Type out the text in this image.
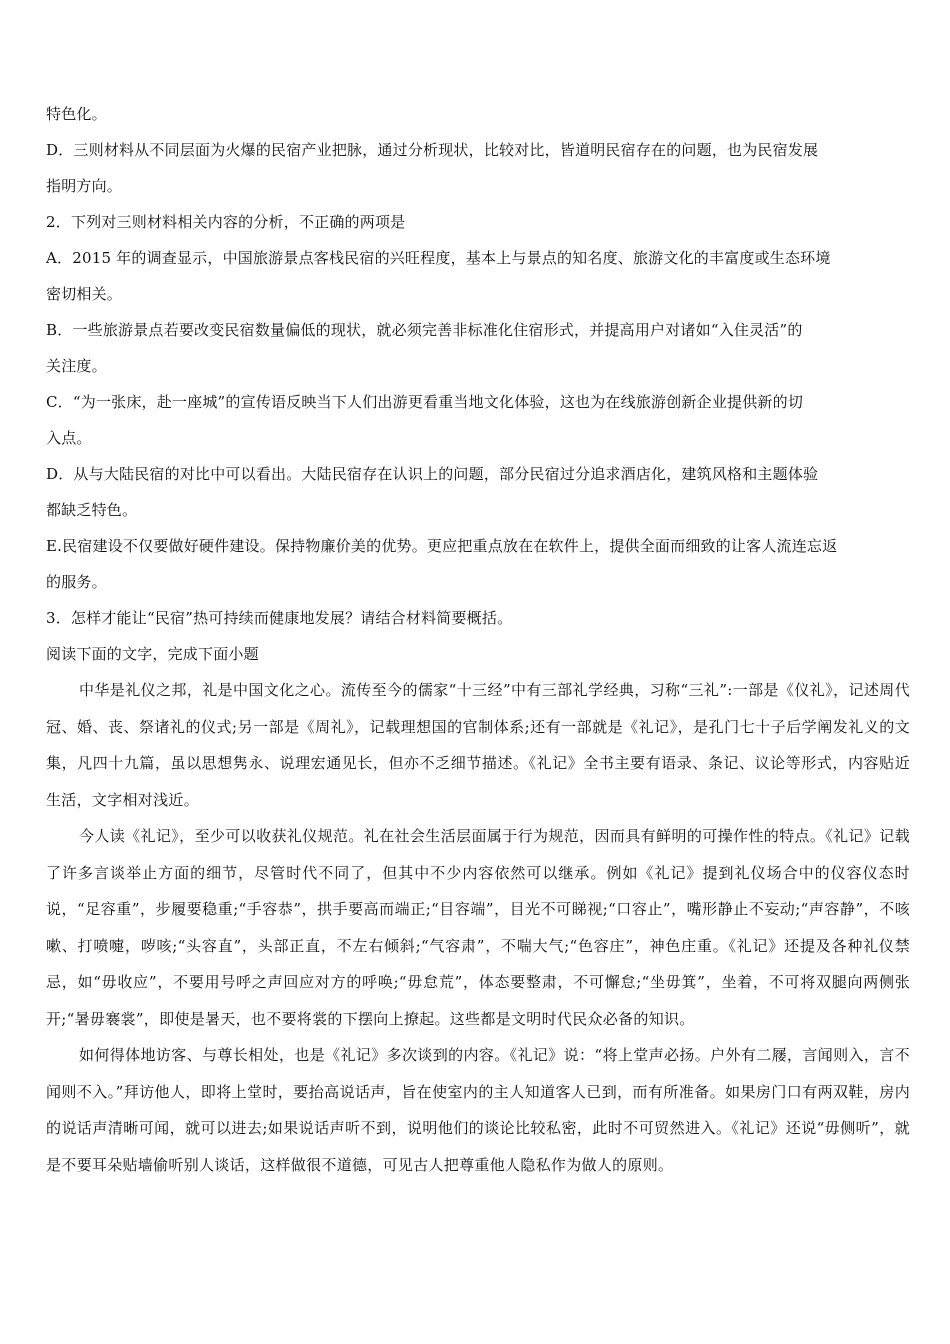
特色化。
D．三则材料从不同层面为火爆的民宿产业把脉，通过分析现状，比较对比，皆道明民宿存在的问题，也为民宿发展
指明方向。
2．下列对三则材料相关内容的分析，不正确的两项是
A．2015 年的调查显示，中国旅游景点客栈民宿的兴旺程度，基本上与景点的知名度、旅游文化的丰富度或生态环境
密切相关。
B．一些旅游景点若要改变民宿数量偏低的现状，就必须完善非标准化住宿形式，并提高用户对诸如“入住灵活”的
关注度。
C．“为一张床，赴一座城”的宣传语反映当下人们出游更看重当地文化体验，这也为在线旅游创新企业提供新的切
入点。
D．从与大陆民宿的对比中可以看出。大陆民宿存在认识上的问题，部分民宿过分追求酒店化，建筑风格和主题体验
都缺乏特色。
E.民宿建设不仅要做好硬件建设。保持物廉价美的优势。更应把重点放在在软件上，提供全面而细致的让客人流连忘返
的服务。
3．怎样才能让“民宿”热可持续而健康地发展？请结合材料简要概括。
阅读下面的文字，完成下面小题

中华是礼仪之邦，礼是中国文化之心。流传至今的儒家“十三经”中有三部礼学经典，习称“三礼”:一部是《仪礼》，记述周代冠、婚、丧、祭诸礼的仪式;另一部是《周礼》，记载理想国的官制体系;还有一部就是《礼记》，是孔门七十子后学阐发礼义的文集，凡四十九篇，虽以思想隽永、说理宏通见长，但亦不乏细节描述。《礼记》全书主要有语录、条记、议论等形式，内容贴近生活，文字相对浅近。

今人读《礼记》，至少可以收获礼仪规范。礼在社会生活层面属于行为规范，因而具有鲜明的可操作性的特点。《礼记》记载了许多言谈举止方面的细节，尽管时代不同了，但其中不少内容依然可以继承。例如《礼记》提到礼仪场合中的仪容仪态时说，“足容重”，步履要稳重;“手容恭”，拱手要高而端正;“目容端”，目光不可睇视;“口容止”，嘴形静止不妄动;“声容静”，不咳嗽、打喷嚏，哕咳;“头容直”，头部正直，不左右倾斜;“气容肃”，不喘大气;“色容庄”，神色庄重。《礼记》还提及各种礼仪禁忌，如“毋收应”，不要用号呼之声回应对方的呼唤;“毋怠荒”，体态要整肃，不可懈怠;“坐毋箕”，坐着，不可将双腿向两侧张开;“暑毋褰裳”，即使是暑天，也不要将裳的下摆向上撩起。这些都是文明时代民众必备的知识。

如何得体地访客、与尊长相处，也是《礼记》多次谈到的内容。《礼记》说：“将上堂声必扬。户外有二屦，言闻则入，言不闻则不入。”拜访他人，即将上堂时，要抬高说话声，旨在使室内的主人知道客人已到，而有所准备。如果房门口有两双鞋，房内的说话声清晰可闻，就可以进去;如果说话声听不到，说明他们的谈论比较私密，此时不可贸然进入。《礼记》还说“毋侧听”，就是不要耳朵贴墙偷听别人谈话，这样做很不道德，可见古人把尊重他人隐私作为做人的原则。
